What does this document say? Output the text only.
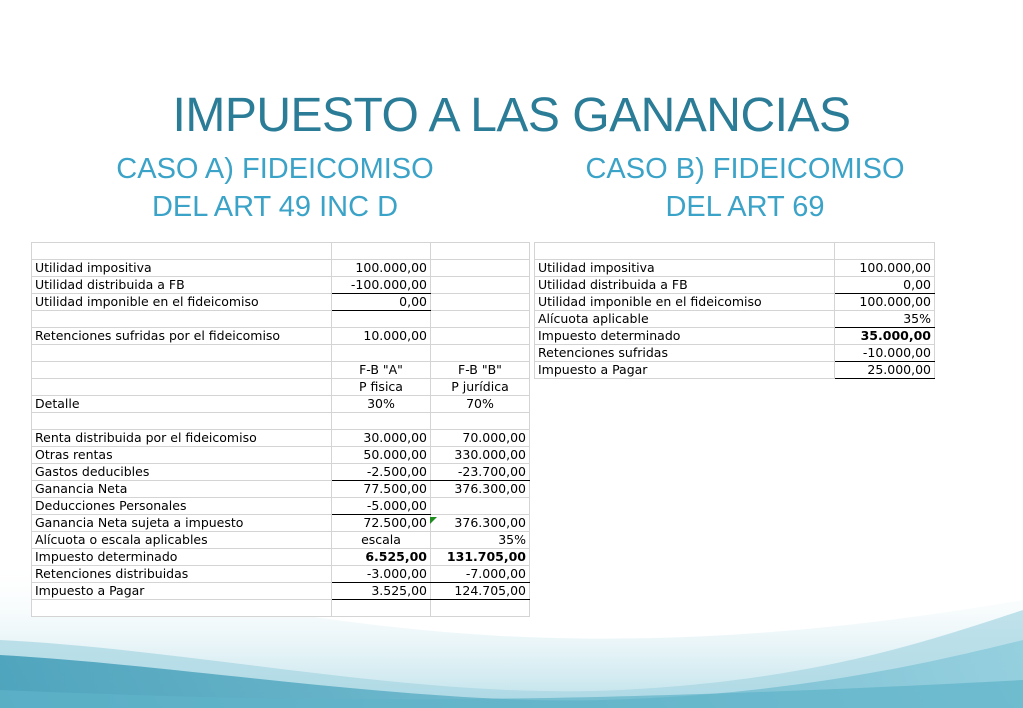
IMPUESTO A LAS GANANCIAS
CASO A) FIDEICOMISO
DEL ART 49 INC D
CASO B) FIDEICOMISO
DEL ART 69

Utilidad impositiva	100.000,00	
Utilidad distribuida a FB	-100.000,00	
Utilidad imponible en el fideicomiso	0,00	

Retenciones sufridas por el fideicomiso	10.000,00	

	F-B "A"	F-B "B"
	P fisica	P jurídica
Detalle	30%	70%

Renta distribuida por el fideicomiso	30.000,00	70.000,00
Otras rentas	50.000,00	330.000,00
Gastos deducibles	-2.500,00	-23.700,00
Ganancia Neta	77.500,00	376.300,00
Deducciones Personales	-5.000,00	
Ganancia Neta sujeta a impuesto	72.500,00	376.300,00
Alícuota o escala aplicables	escala	35%
Impuesto determinado	6.525,00	131.705,00
Retenciones distribuidas	-3.000,00	-7.000,00
Impuesto a Pagar	3.525,00	124.705,00

Utilidad impositiva	100.000,00
Utilidad distribuida a FB	0,00
Utilidad imponible en el fideicomiso	100.000,00
Alícuota aplicable	35%
Impuesto determinado	35.000,00
Retenciones sufridas	-10.000,00
Impuesto a Pagar	25.000,00
